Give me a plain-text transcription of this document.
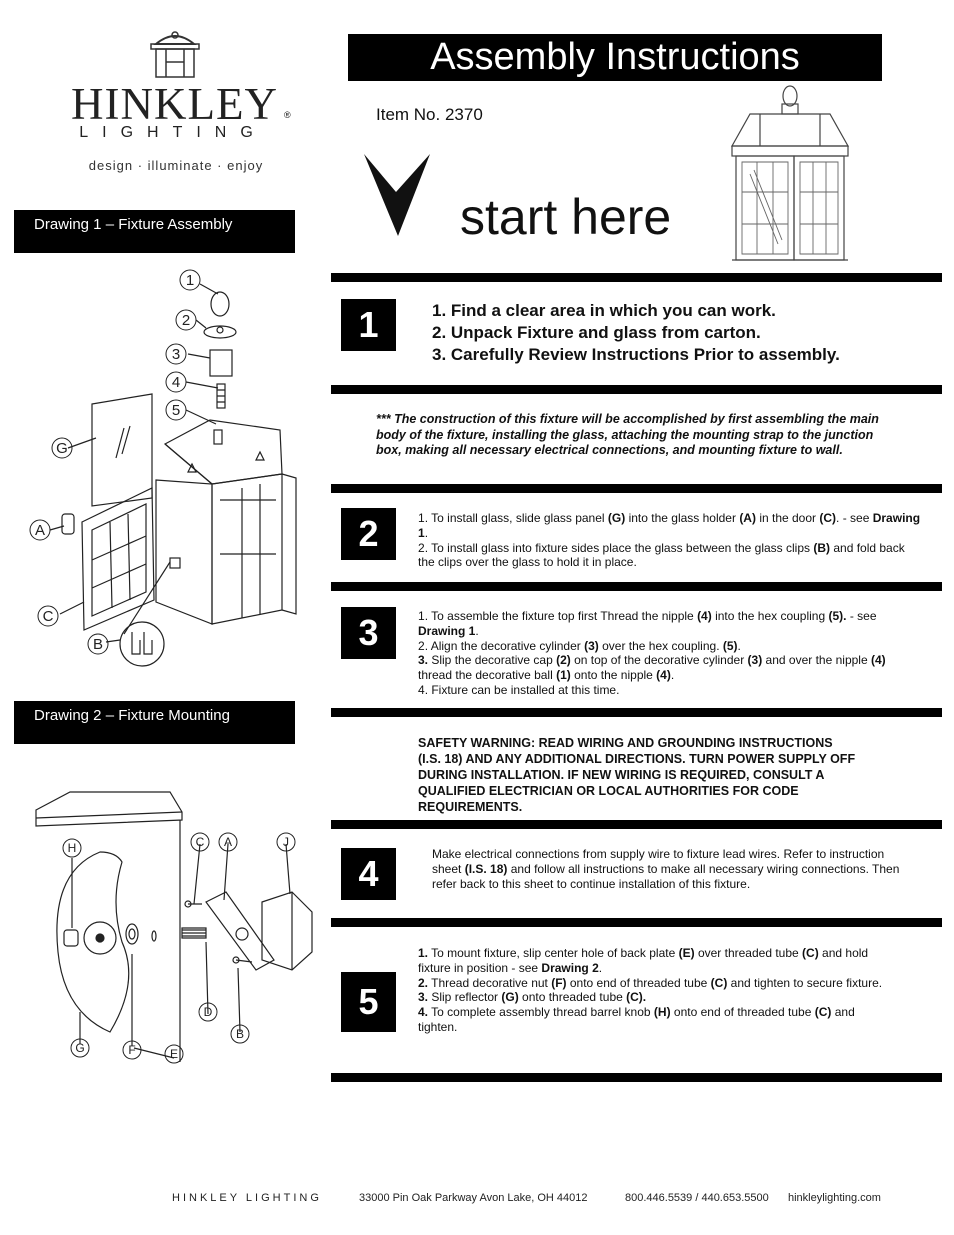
HINKLEY ®
LIGHTING
design · illuminate · enjoy
Assembly Instructions
Item No. 2370
start here
Drawing 1 – Fixture Assembly
1
2
3
4
5
G
A
C
B
Drawing 2 – Fixture Mounting
H	C A	J
D
B
G	F	E
1	1. Find a clear area in which you can work.
2. Unpack Fixture and glass from carton.
3. Carefully Review Instructions Prior to assembly.
*** The construction of this fixture will be accomplished by first assembling the main body of the fixture, installing the glass, attaching the mounting strap to the junction box, making all necessary electrical connections, and mounting fixture to wall.
2	1. To install glass, slide glass panel (G) into the glass holder (A) in the door (C). - see Drawing 1.
2. To install glass into fixture sides place the glass between the glass clips (B) and fold back the clips over the glass to hold it in place.
3	1. To assemble the fixture top first Thread the nipple (4) into the hex coupling (5). - see Drawing 1.
2. Align the decorative cylinder (3) over the hex coupling. (5).
3. Slip the decorative cap (2) on top of the decorative cylinder (3) and over the nipple (4) thread the decorative ball (1) onto the nipple (4).
4. Fixture can be installed at this time.
SAFETY WARNING: READ WIRING AND GROUNDING INSTRUCTIONS (I.S. 18) AND ANY ADDITIONAL DIRECTIONS. TURN POWER SUPPLY OFF DURING INSTALLATION. IF NEW WIRING IS REQUIRED, CONSULT A QUALIFIED ELECTRICIAN OR LOCAL AUTHORITIES FOR CODE REQUIREMENTS.
4	Make electrical connections from supply wire to fixture lead wires. Refer to instruction sheet (I.S. 18) and follow all instructions to make all necessary wiring connections. Then refer back to this sheet to continue installation of this fixture.
5
1. To mount fixture, slip center hole of back plate (E) over threaded tube (C) and hold fixture in position - see Drawing 2.
2. Thread decorative nut (F) onto end of threaded tube (C) and tighten to secure fixture.
3. Slip reflector (G) onto threaded tube (C).
4. To complete assembly thread barrel knob (H) onto end of threaded tube (C) and tighten.
HINKLEY LIGHTING	33000 Pin Oak Parkway Avon Lake, OH 44012	800.446.5539 / 440.653.5500 hinkleylighting.com
